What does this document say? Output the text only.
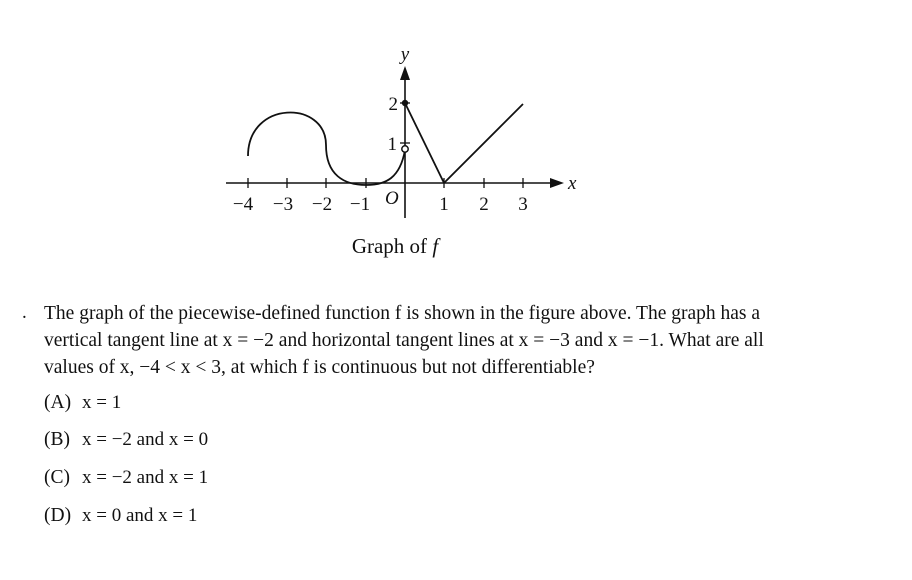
−4 −3 −2 −1	1 2 3
1
2
y
x
O
Graph of f
. The graph of the piecewise-defined function f is shown in the figure above. The graph has a
vertical tangent line at x = −2 and horizontal tangent lines at x = −3 and x = −1. What are all
values of x, −4 < x < 3, at which f is continuous but not differentiable?
(A) x = 1
(B) x = −2 and x = 0
(C) x = −2 and x = 1
(D) x = 0 and x = 1
